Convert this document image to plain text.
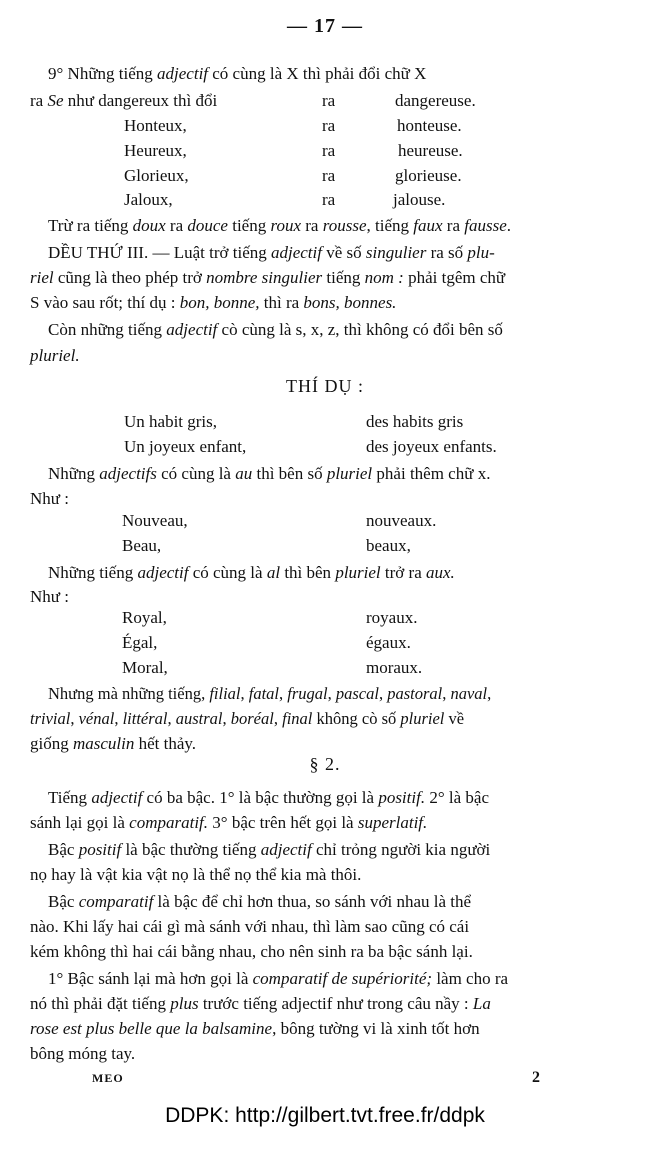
— 17 —
9° Những tiếng adjectif có cùng là X thì phải đổi chữ X
ra Se như dangereux thì đổi	ra	dangereuse.
Honteux,	ra	honteuse.
Heureux,	ra	heureuse.
Glorieux,	ra	glorieuse.
Jaloux,	ra	jalouse.
Trừ ra tiếng doux ra douce tiếng roux ra rousse, tiếng faux ra fausse.
DỀU THỨ III. — Luật trở tiếng adjectif về số singulier ra số plu-
riel cũng là theo phép trở nombre singulier tiếng nom : phải tgêm chữ
S vào sau rốt; thí dụ : bon, bonne, thì ra bons, bonnes.
Còn những tiếng adjectif cò cùng là s, x, z, thì không có đổi bên số
pluriel.
THÍ DỤ :
Un habit gris,	des habits gris
Un joyeux enfant,	des joyeux enfants.
Những adjectifs có cùng là au thì bên số pluriel phải thêm chữ x.
Như :
Nouveau,	nouveaux.
Beau,	beaux,
Những tiếng adjectif có cùng là al thì bên pluriel trở ra aux.
Như :
Royal,	royaux.
Égal,	égaux.
Moral,	moraux.
Nhưng mà những tiếng, filial, fatal, frugal, pascal, pastoral, naval,
trivial, vénal, littéral, austral, boréal, final không cò số pluriel về
giống masculin hết thảy.
§ 2.
Tiếng adjectif có ba bậc. 1° là bậc thường gọi là positif. 2° là bậc
sánh lại gọi là comparatif. 3° bậc trên hết gọi là superlatif.
Bậc positif là bậc thường tiếng adjectif chỉ trỏng người kia người
nọ hay là vật kia vật nọ là thể nọ thể kia mà thôi.
Bậc comparatif là bậc để chỉ hơn thua, so sánh với nhau là thể
nào. Khi lấy hai cái gì mà sánh với nhau, thì làm sao cũng có cái
kém không thì hai cái bằng nhau, cho nên sinh ra ba bậc sánh lại.
1° Bậc sánh lại mà hơn gọi là comparatif de supériorité; làm cho ra
nó thì phải đặt tiếng plus trước tiếng adjectif như trong câu nầy : La
rose est plus belle que la balsamine, bông tường vi là xinh tốt hơn
bông móng tay.
MEO	2
DDPK: http://gilbert.tvt.free.fr/ddpk
